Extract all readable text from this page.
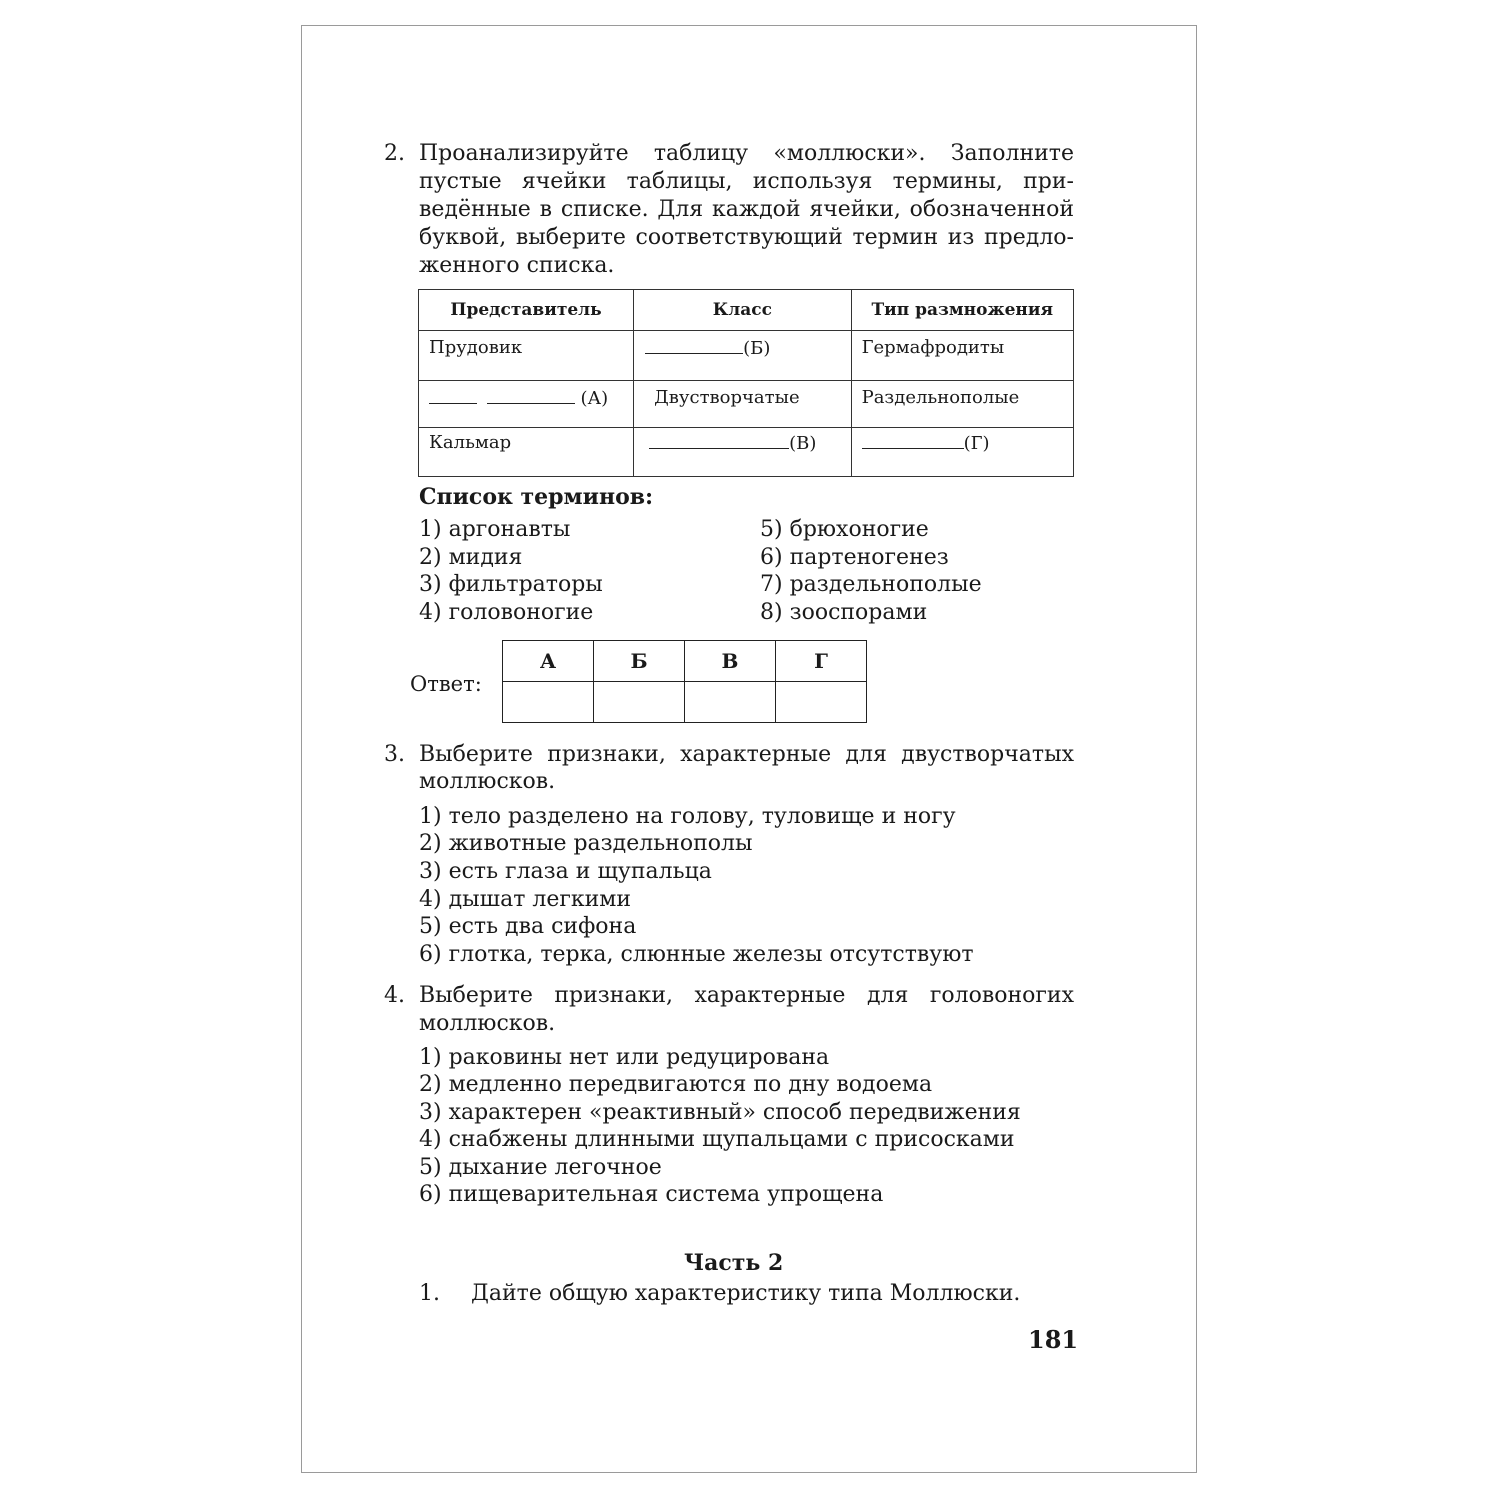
2. Проанализируйте таблицу «моллюски». Заполните
пустые ячейки таблицы, используя термины, при-
ведённые в списке. Для каждой ячейки, обозначенной
буквой, выберите соответствующий термин из предло-
женного списка.
Представитель	Класс	Тип размножения
Прудовик	(Б)	Гермафродиты
(А)	Двустворчатые	Раздельнополые
Кальмар	(В)	(Г)
Список терминов:
1) аргонавты
2) мидия
3) фильтраторы
4) головоногие
5) брюхоногие
6) партеногенез
7) раздельнополые
8) зооспорами
Ответ:
А	Б	В	Г

3. Выберите признаки, характерные для двустворчатых
моллюсков.
1) тело разделено на голову, туловище и ногу
2) животные раздельнополы
3) есть глаза и щупальца
4) дышат легкими
5) есть два сифона
6) глотка, терка, слюнные железы отсутствуют
4. Выберите признаки, характерные для головоногих
моллюсков.
1) раковины нет или редуцирована
2) медленно передвигаются по дну водоема
3) характерен «реактивный» способ передвижения
4) снабжены длинными щупальцами с присосками
5) дыхание легочное
6) пищеварительная система упрощена
Часть 2
1. Дайте общую характеристику типа Моллюски.
181
